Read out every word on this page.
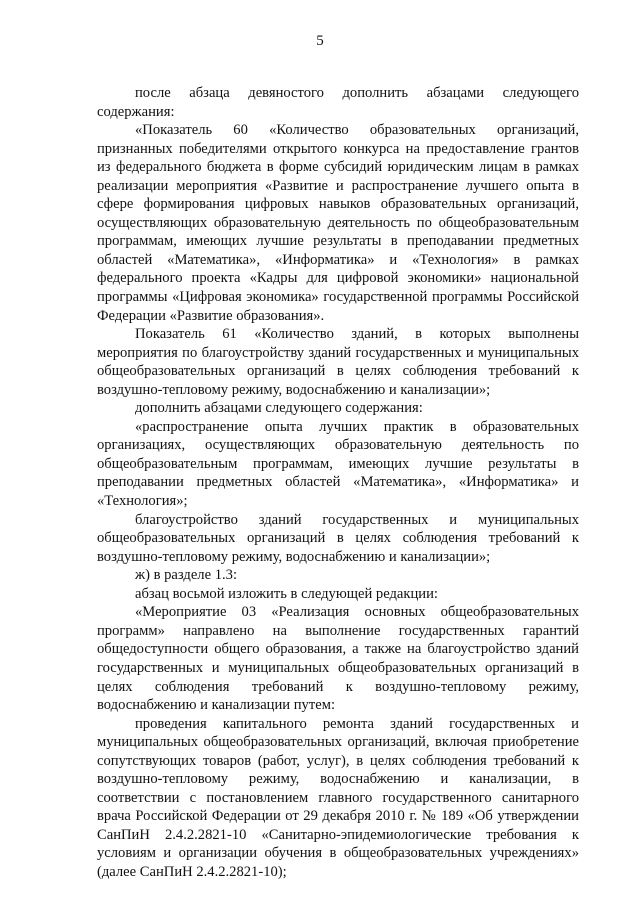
5

после абзаца девяностого дополнить абзацами следующего содержания:

«Показатель 60 «Количество образовательных организаций, признанных победителями открытого конкурса на предоставление грантов из федерального бюджета в форме субсидий юридическим лицам в рамках реализации мероприятия «Развитие и распространение лучшего опыта в сфере формирования цифровых навыков образовательных организаций, осуществляющих образовательную деятельность по общеобразовательным программам, имеющих лучшие результаты в преподавании предметных областей «Математика», «Информатика» и «Технология» в рамках федерального проекта «Кадры для цифровой экономики» национальной программы «Цифровая экономика» государственной программы Российской Федерации «Развитие образования».

Показатель 61 «Количество зданий, в которых выполнены мероприятия по благоустройству зданий государственных и муниципальных общеобразовательных организаций в целях соблюдения требований к воздушно-тепловому режиму, водоснабжению и канализации»;

дополнить абзацами следующего содержания:

«распространение опыта лучших практик в образовательных организациях, осуществляющих образовательную деятельность по общеобразовательным программам, имеющих лучшие результаты в преподавании предметных областей «Математика», «Информатика» и «Технология»;

благоустройство зданий государственных и муниципальных общеобразовательных организаций в целях соблюдения требований к воздушно-тепловому режиму, водоснабжению и канализации»;

ж) в разделе 1.3:

абзац восьмой изложить в следующей редакции:

«Мероприятие 03 «Реализация основных общеобразовательных программ» направлено на выполнение государственных гарантий общедоступности общего образования, а также на благоустройство зданий государственных и муниципальных общеобразовательных организаций в целях соблюдения требований к воздушно-тепловому режиму, водоснабжению и канализации путем:

проведения капитального ремонта зданий государственных и муниципальных общеобразовательных организаций, включая приобретение сопутствующих товаров (работ, услуг), в целях соблюдения требований к воздушно-тепловому режиму, водоснабжению и канализации, в соответствии с постановлением главного государственного санитарного врача Российской Федерации от 29 декабря 2010 г. № 189 «Об утверждении СанПиН 2.4.2.2821-10 «Санитарно-эпидемиологические требования к условиям и организации обучения в общеобразовательных учреждениях» (далее СанПиН 2.4.2.2821-10);
